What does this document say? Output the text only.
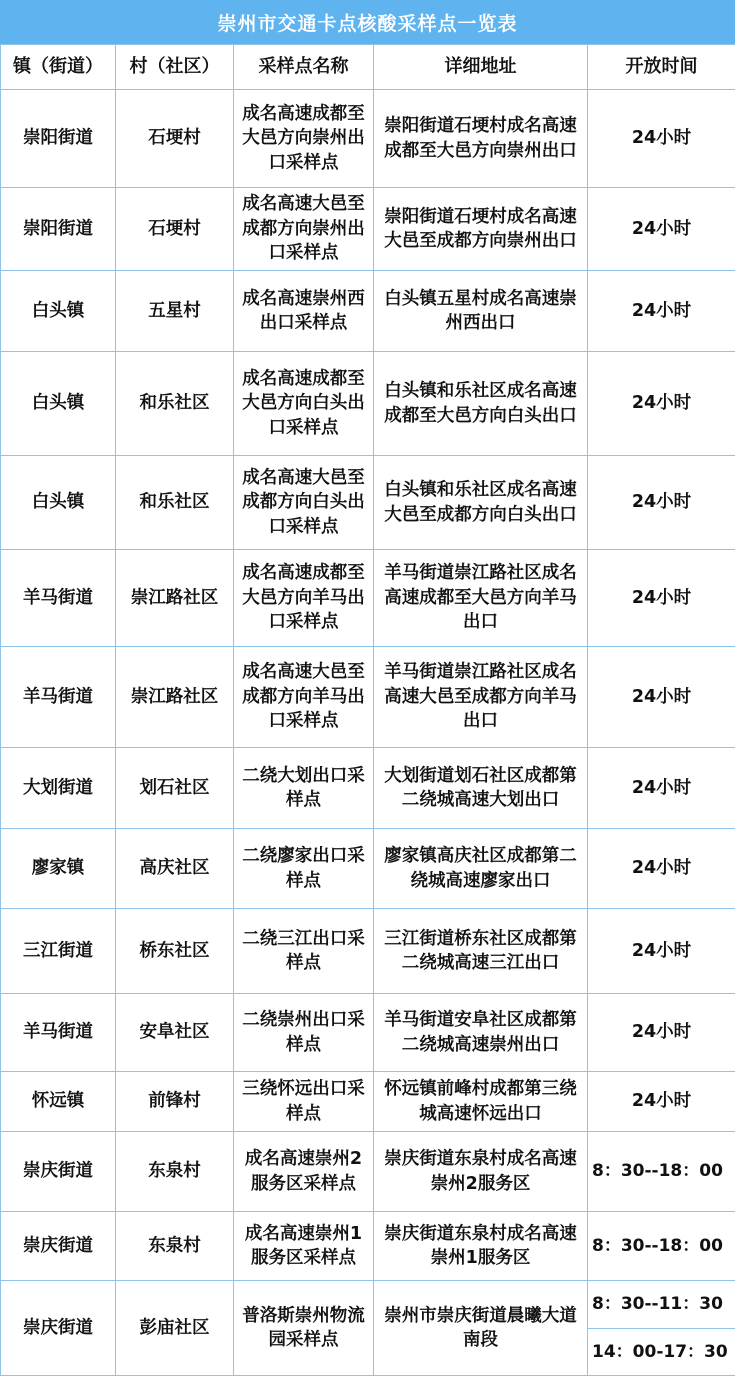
崇州市交通卡点核酸采样点一览表
镇（街道）	村（社区）	采样点名称	详细地址	开放时间
崇阳街道	石埂村	成名高速成都至大邑方向崇州出口采样点	崇阳街道石埂村成名高速成都至大邑方向崇州出口	24小时
崇阳街道	石埂村	成名高速大邑至成都方向崇州出口采样点	崇阳街道石埂村成名高速大邑至成都方向崇州出口	24小时
白头镇	五星村	成名高速崇州西出口采样点	白头镇五星村成名高速崇州西出口	24小时
白头镇	和乐社区	成名高速成都至大邑方向白头出口采样点	白头镇和乐社区成名高速成都至大邑方向白头出口	24小时
白头镇	和乐社区	成名高速大邑至成都方向白头出口采样点	白头镇和乐社区成名高速大邑至成都方向白头出口	24小时
羊马街道	崇江路社区	成名高速成都至大邑方向羊马出口采样点	羊马街道崇江路社区成名高速成都至大邑方向羊马出口	24小时
羊马街道	崇江路社区	成名高速大邑至成都方向羊马出口采样点	羊马街道崇江路社区成名高速大邑至成都方向羊马出口	24小时
大划街道	划石社区	二绕大划出口采样点	大划街道划石社区成都第二绕城高速大划出口	24小时
廖家镇	高庆社区	二绕廖家出口采样点	廖家镇高庆社区成都第二绕城高速廖家出口	24小时
三江街道	桥东社区	二绕三江出口采样点	三江街道桥东社区成都第二绕城高速三江出口	24小时
羊马街道	安阜社区	二绕崇州出口采样点	羊马街道安阜社区成都第二绕城高速崇州出口	24小时
怀远镇	前锋村	三绕怀远出口采样点	怀远镇前峰村成都第三绕城高速怀远出口	24小时
崇庆街道	东泉村	成名高速崇州2服务区采样点	崇庆街道东泉村成名高速崇州2服务区	8：30--18：00
崇庆街道	东泉村	成名高速崇州1服务区采样点	崇庆街道东泉村成名高速崇州1服务区	8：30--18：00
崇庆街道	彭庙社区	普洛斯崇州物流园采样点	崇州市崇庆街道晨曦大道南段	8：30--11：30
				14：00-17：30
